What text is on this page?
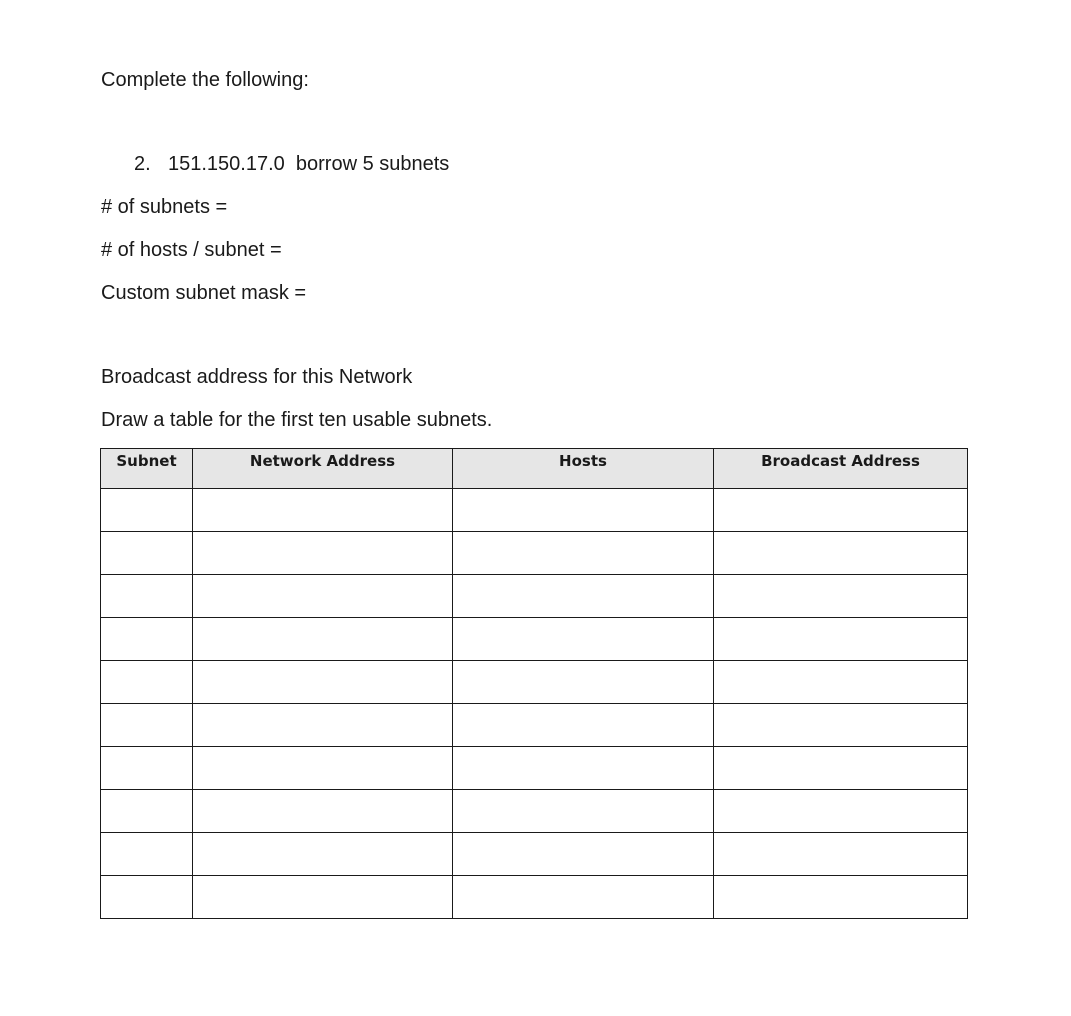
Complete the following:
2. 151.150.17.0  borrow 5 subnets
# of subnets =
# of hosts / subnet =
Custom subnet mask =
Broadcast address for this Network
Draw a table for the first ten usable subnets.
Subnet	Network Address	Hosts	Broadcast Address
